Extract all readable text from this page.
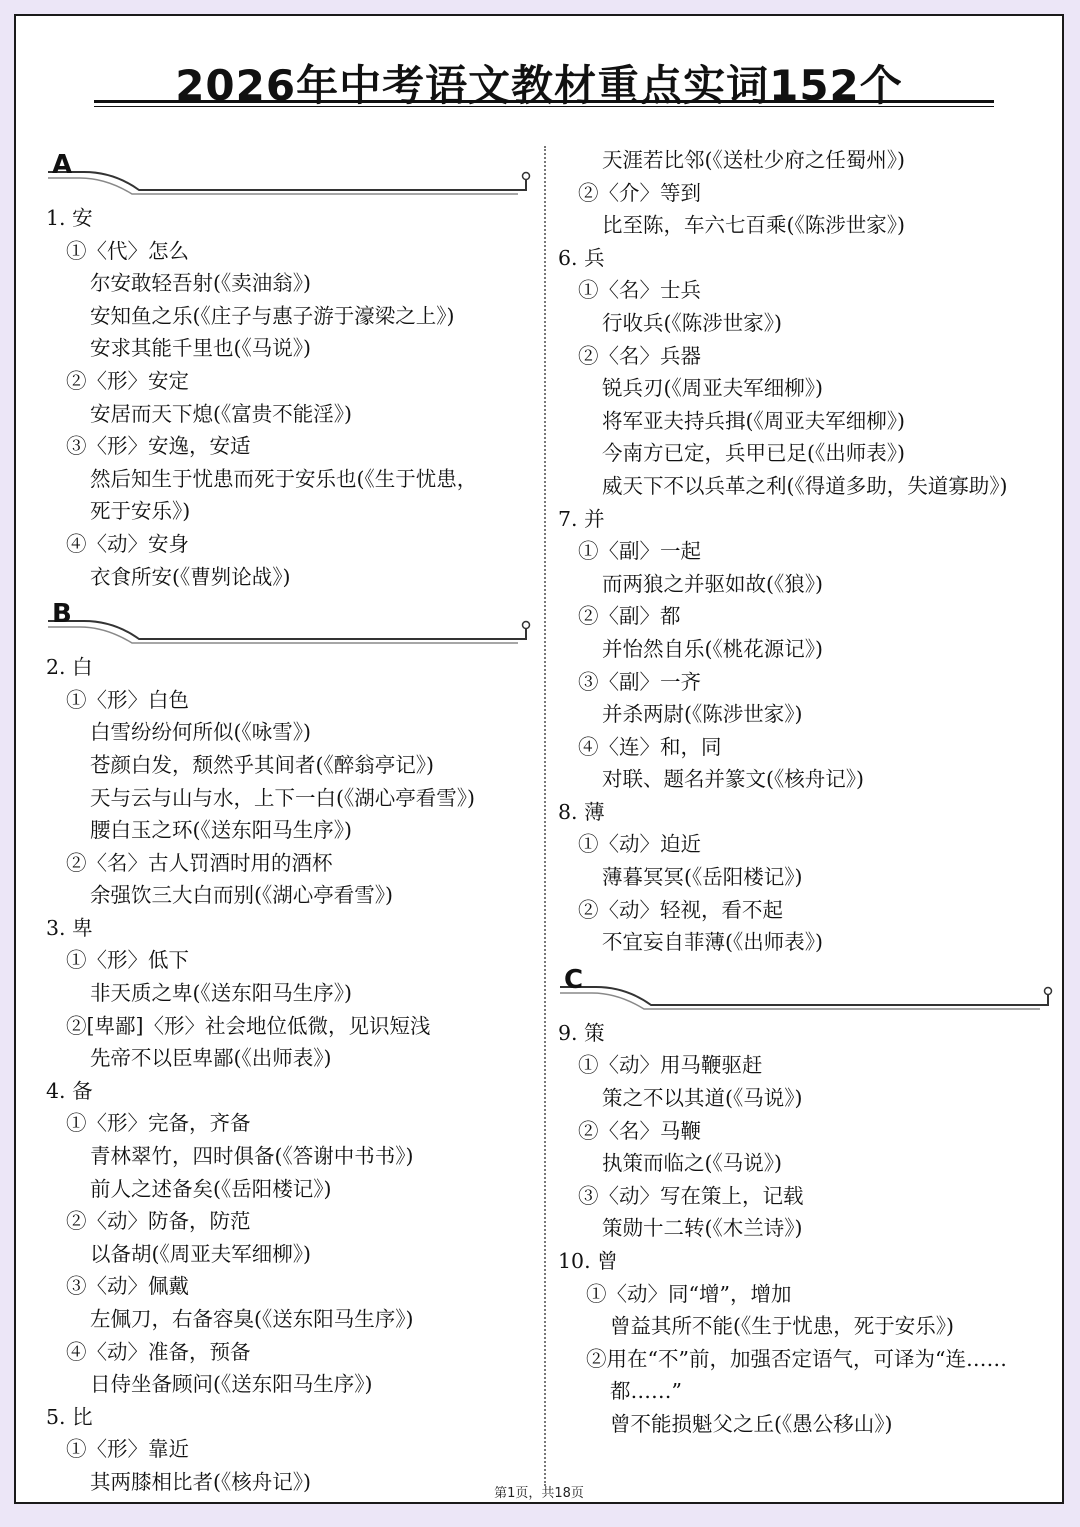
2026年中考语文教材重点实词152个
A
1. 安
①〈代〉怎么
尔安敢轻吾射(《卖油翁》)
安知鱼之乐(《庄子与惠子游于濠梁之上》)
安求其能千里也(《马说》)
②〈形〉安定
安居而天下熄(《富贵不能淫》)
③〈形〉安逸，安适
然后知生于忧患而死于安乐也(《生于忧患，
死于安乐》)
④〈动〉安身
衣食所安(《曹刿论战》)
B
2. 白
①〈形〉白色
白雪纷纷何所似(《咏雪》)
苍颜白发，颓然乎其间者(《醉翁亭记》)
天与云与山与水，上下一白(《湖心亭看雪》)
腰白玉之环(《送东阳马生序》)
②〈名〉古人罚酒时用的酒杯
余强饮三大白而别(《湖心亭看雪》)
3. 卑
①〈形〉低下
非天质之卑(《送东阳马生序》)
②[卑鄙]〈形〉社会地位低微，见识短浅
先帝不以臣卑鄙(《出师表》)
4. 备
①〈形〉完备，齐备
青林翠竹，四时俱备(《答谢中书书》)
前人之述备矣(《岳阳楼记》)
②〈动〉防备，防范
以备胡(《周亚夫军细柳》)
③〈动〉佩戴
左佩刀，右备容臭(《送东阳马生序》)
④〈动〉准备，预备
日侍坐备顾问(《送东阳马生序》)
5. 比
①〈形〉靠近
其两膝相比者(《核舟记》)
天涯若比邻(《送杜少府之任蜀州》)
②〈介〉等到
比至陈，车六七百乘(《陈涉世家》)
6. 兵
①〈名〉士兵
行收兵(《陈涉世家》)
②〈名〉兵器
锐兵刃(《周亚夫军细柳》)
将军亚夫持兵揖(《周亚夫军细柳》)
今南方已定，兵甲已足(《出师表》)
威天下不以兵革之利(《得道多助，失道寡助》)
7. 并
①〈副〉一起
而两狼之并驱如故(《狼》)
②〈副〉都
并怡然自乐(《桃花源记》)
③〈副〉一齐
并杀两尉(《陈涉世家》)
④〈连〉和，同
对联、题名并篆文(《核舟记》)
8. 薄
①〈动〉迫近
薄暮冥冥(《岳阳楼记》)
②〈动〉轻视，看不起
不宜妄自菲薄(《出师表》)
C
9. 策
①〈动〉用马鞭驱赶
策之不以其道(《马说》)
②〈名〉马鞭
执策而临之(《马说》)
③〈动〉写在策上，记载
策勋十二转(《木兰诗》)
10. 曾
①〈动〉同“增”，增加
曾益其所不能(《生于忧患，死于安乐》)
②用在“不”前，加强否定语气，可译为“连……
都……”
曾不能损魁父之丘(《愚公移山》)
第1页，共18页
